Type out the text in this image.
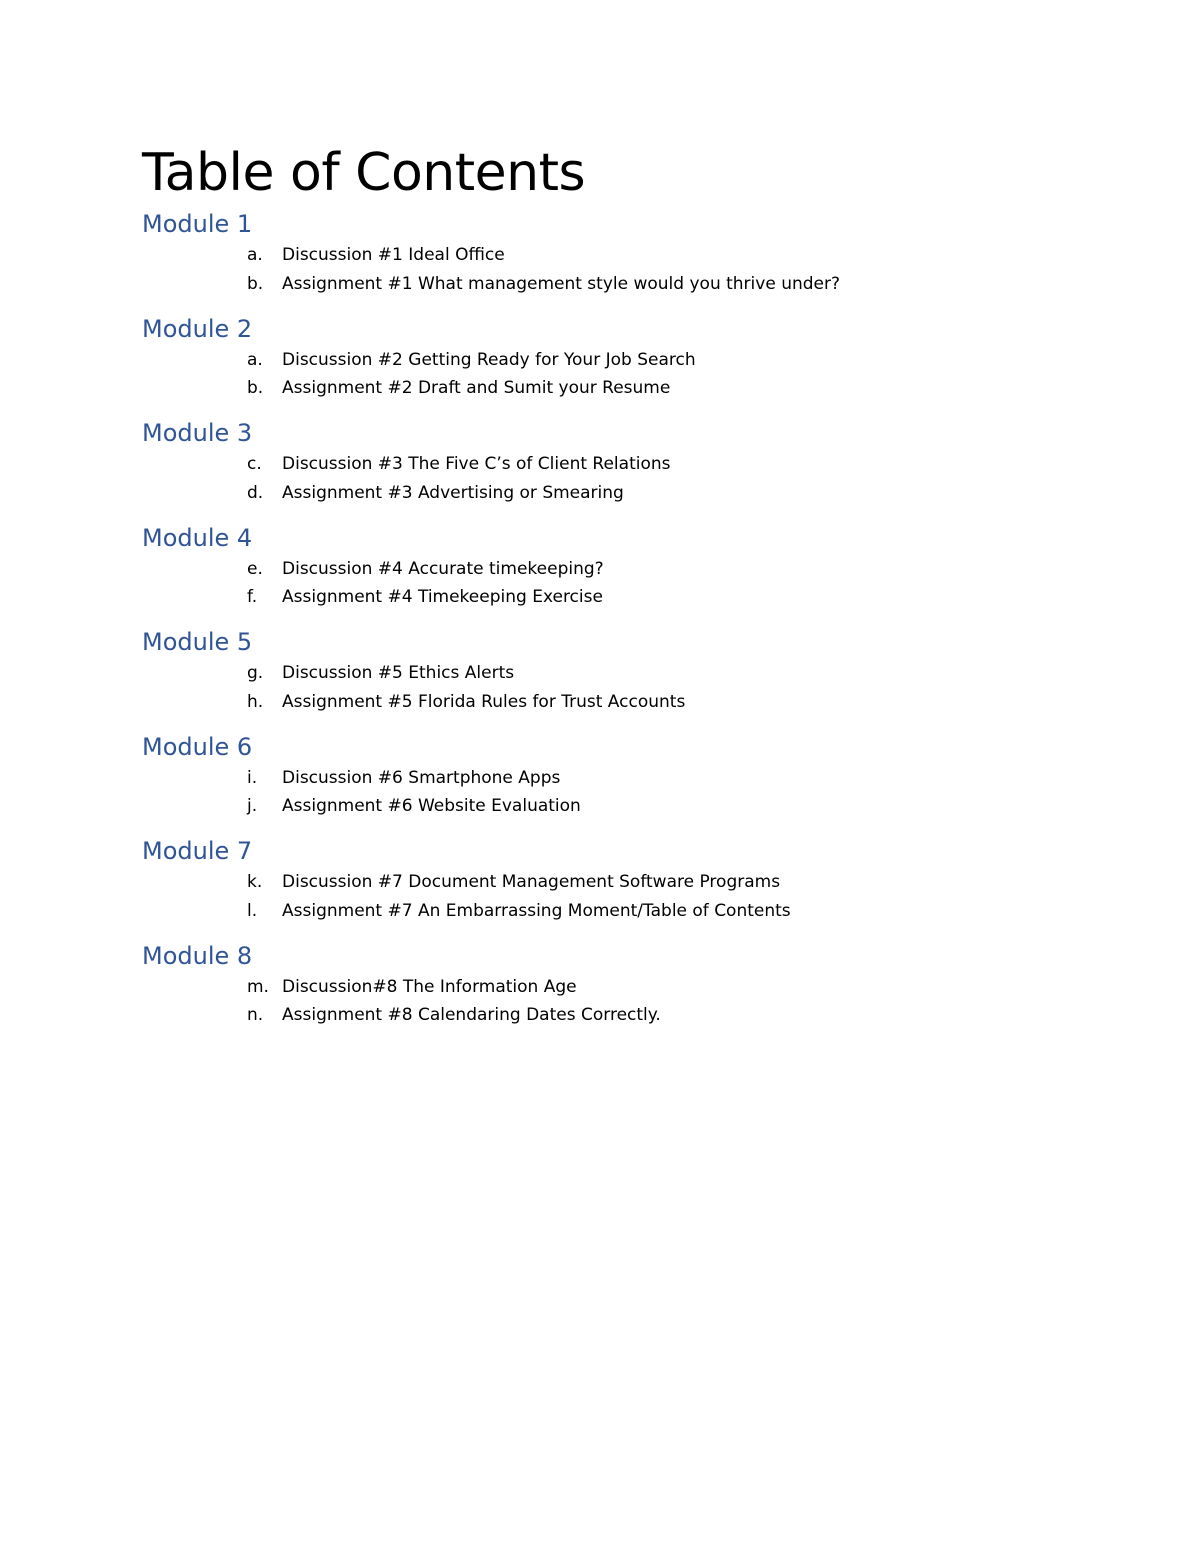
Table of Contents
Module 1
a. Discussion #1 Ideal Office
b. Assignment #1 What management style would you thrive under?
Module 2
a. Discussion #2 Getting Ready for Your Job Search
b. Assignment #2 Draft and Sumit your Resume
Module 3
c. Discussion #3 The Five C’s of Client Relations
d. Assignment #3 Advertising or Smearing
Module 4
e. Discussion #4 Accurate timekeeping?
f. Assignment #4 Timekeeping Exercise
Module 5
g. Discussion #5 Ethics Alerts
h. Assignment #5 Florida Rules for Trust Accounts
Module 6
i. Discussion #6 Smartphone Apps
j. Assignment #6 Website Evaluation
Module 7
k. Discussion #7 Document Management Software Programs
l. Assignment #7 An Embarrassing Moment/Table of Contents
Module 8
m. Discussion#8 The Information Age
n. Assignment #8 Calendaring Dates Correctly.
